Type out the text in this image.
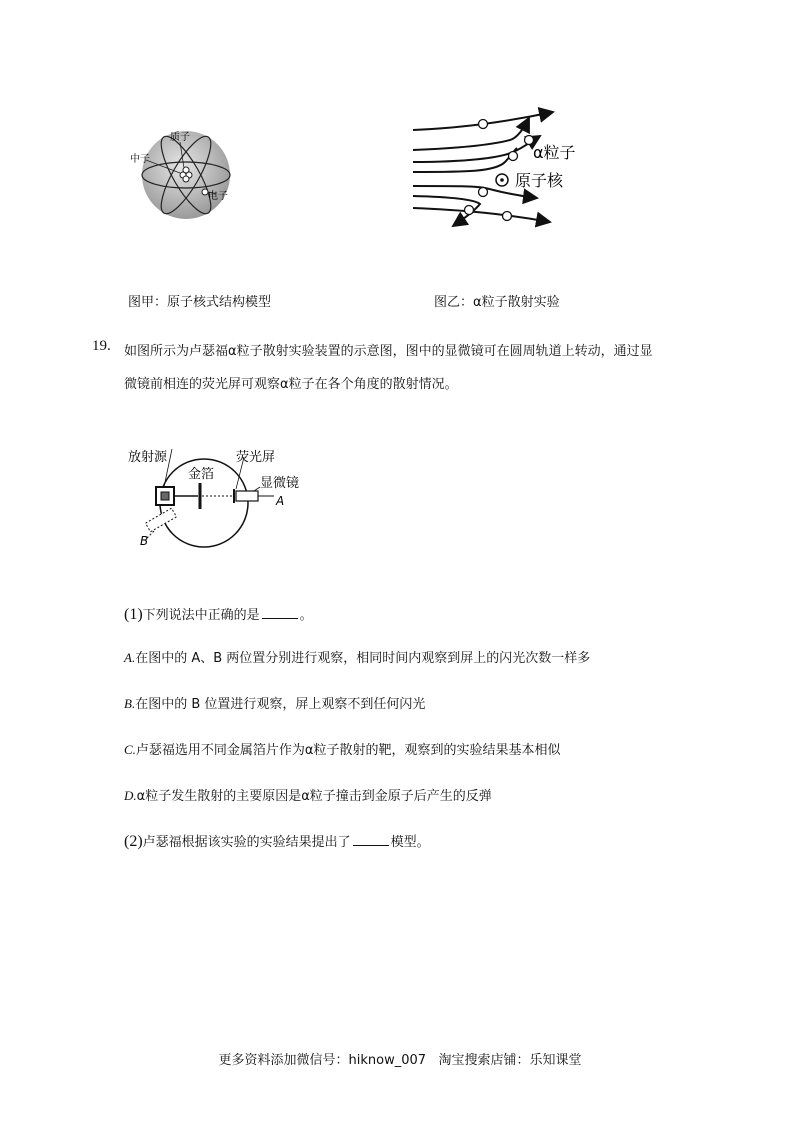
质子
中子
电子
α粒子
原子核
图甲：原子核式结构模型	图乙：α粒子散射实验
19. 如图所示为卢瑟福α粒子散射实验装置的示意图，图中的显微镜可在圆周轨道上转动，通过显
微镜前相连的荧光屏可观察α粒子在各个角度的散射情况。
放射源
金箔
荧光屏
显微镜
A
B
(1)下列说法中正确的是	。
A.在图中的 A、B 两位置分别进行观察，相同时间内观察到屏上的闪光次数一样多
B.在图中的 B 位置进行观察，屏上观察不到任何闪光
C.卢瑟福选用不同金属箔片作为α粒子散射的靶，观察到的实验结果基本相似
D.α粒子发生散射的主要原因是α粒子撞击到金原子后产生的反弹
(2)卢瑟福根据该实验的实验结果提出了	模型。
更多资料添加微信号：hiknow_007   淘宝搜索店铺：乐知课堂
